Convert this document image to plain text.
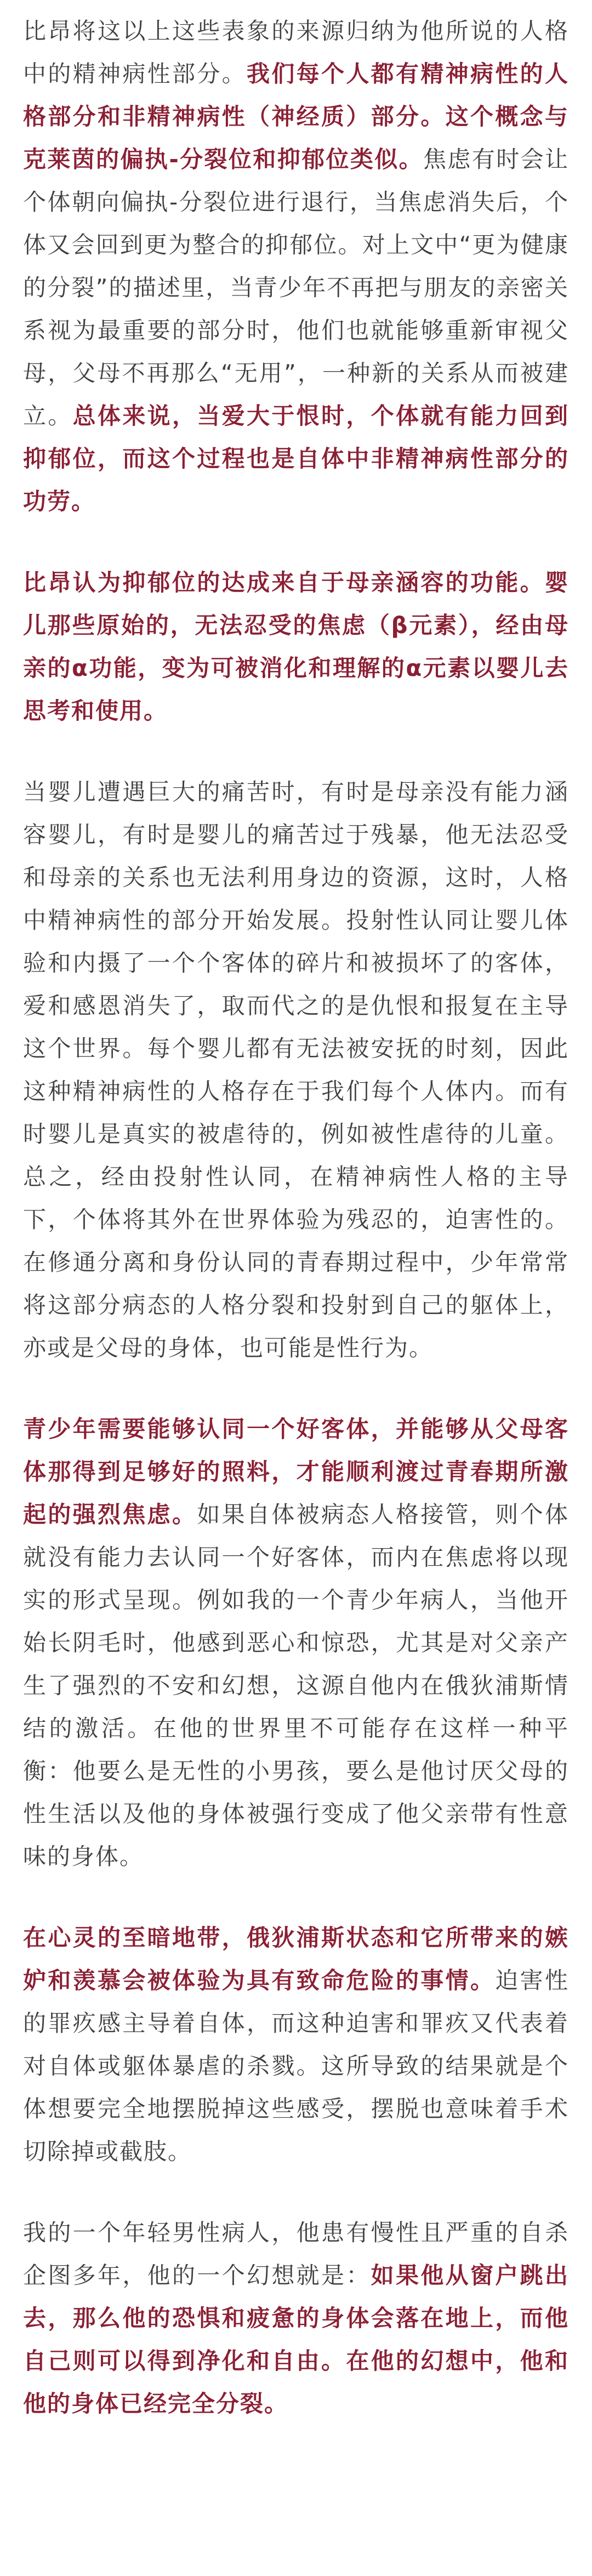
比昂将这以上这些表象的来源归纳为他所说的人格中的精神病性部分。我们每个人都有精神病性的人格部分和非精神病性（神经质）部分。这个概念与克莱茵的偏执-分裂位和抑郁位类似。焦虑有时会让个体朝向偏执-分裂位进行退行，当焦虑消失后，个体又会回到更为整合的抑郁位。对上文中“更为健康的分裂”的描述里，当青少年不再把与朋友的亲密关系视为最重要的部分时，他们也就能够重新审视父母，父母不再那么“无用”，一种新的关系从而被建立。总体来说，当爱大于恨时，个体就有能力回到抑郁位，而这个过程也是自体中非精神病性部分的功劳。

比昂认为抑郁位的达成来自于母亲涵容的功能。婴儿那些原始的，无法忍受的焦虑（β元素），经由母亲的α功能，变为可被消化和理解的α元素以婴儿去思考和使用。

当婴儿遭遇巨大的痛苦时，有时是母亲没有能力涵容婴儿，有时是婴儿的痛苦过于残暴，他无法忍受和母亲的关系也无法利用身边的资源，这时，人格中精神病性的部分开始发展。投射性认同让婴儿体验和内摄了一个个客体的碎片和被损坏了的客体，爱和感恩消失了，取而代之的是仇恨和报复在主导这个世界。每个婴儿都有无法被安抚的时刻，因此这种精神病性的人格存在于我们每个人体内。而有时婴儿是真实的被虐待的，例如被性虐待的儿童。总之，经由投射性认同，在精神病性人格的主导下，个体将其外在世界体验为残忍的，迫害性的。在修通分离和身份认同的青春期过程中，少年常常将这部分病态的人格分裂和投射到自己的躯体上，亦或是父母的身体，也可能是性行为。

青少年需要能够认同一个好客体，并能够从父母客体那得到足够好的照料，才能顺利渡过青春期所激起的强烈焦虑。如果自体被病态人格接管，则个体就没有能力去认同一个好客体，而内在焦虑将以现实的形式呈现。例如我的一个青少年病人，当他开始长阴毛时，他感到恶心和惊恐，尤其是对父亲产生了强烈的不安和幻想，这源自他内在俄狄浦斯情结的激活。在他的世界里不可能存在这样一种平衡：他要么是无性的小男孩，要么是他讨厌父母的性生活以及他的身体被强行变成了他父亲带有性意味的身体。

在心灵的至暗地带，俄狄浦斯状态和它所带来的嫉妒和羡慕会被体验为具有致命危险的事情。迫害性的罪疚感主导着自体，而这种迫害和罪疚又代表着对自体或躯体暴虐的杀戮。这所导致的结果就是个体想要完全地摆脱掉这些感受，摆脱也意味着手术切除掉或截肢。

我的一个年轻男性病人，他患有慢性且严重的自杀企图多年，他的一个幻想就是：如果他从窗户跳出去，那么他的恐惧和疲惫的身体会落在地上，而他自己则可以得到净化和自由。在他的幻想中，他和他的身体已经完全分裂。
